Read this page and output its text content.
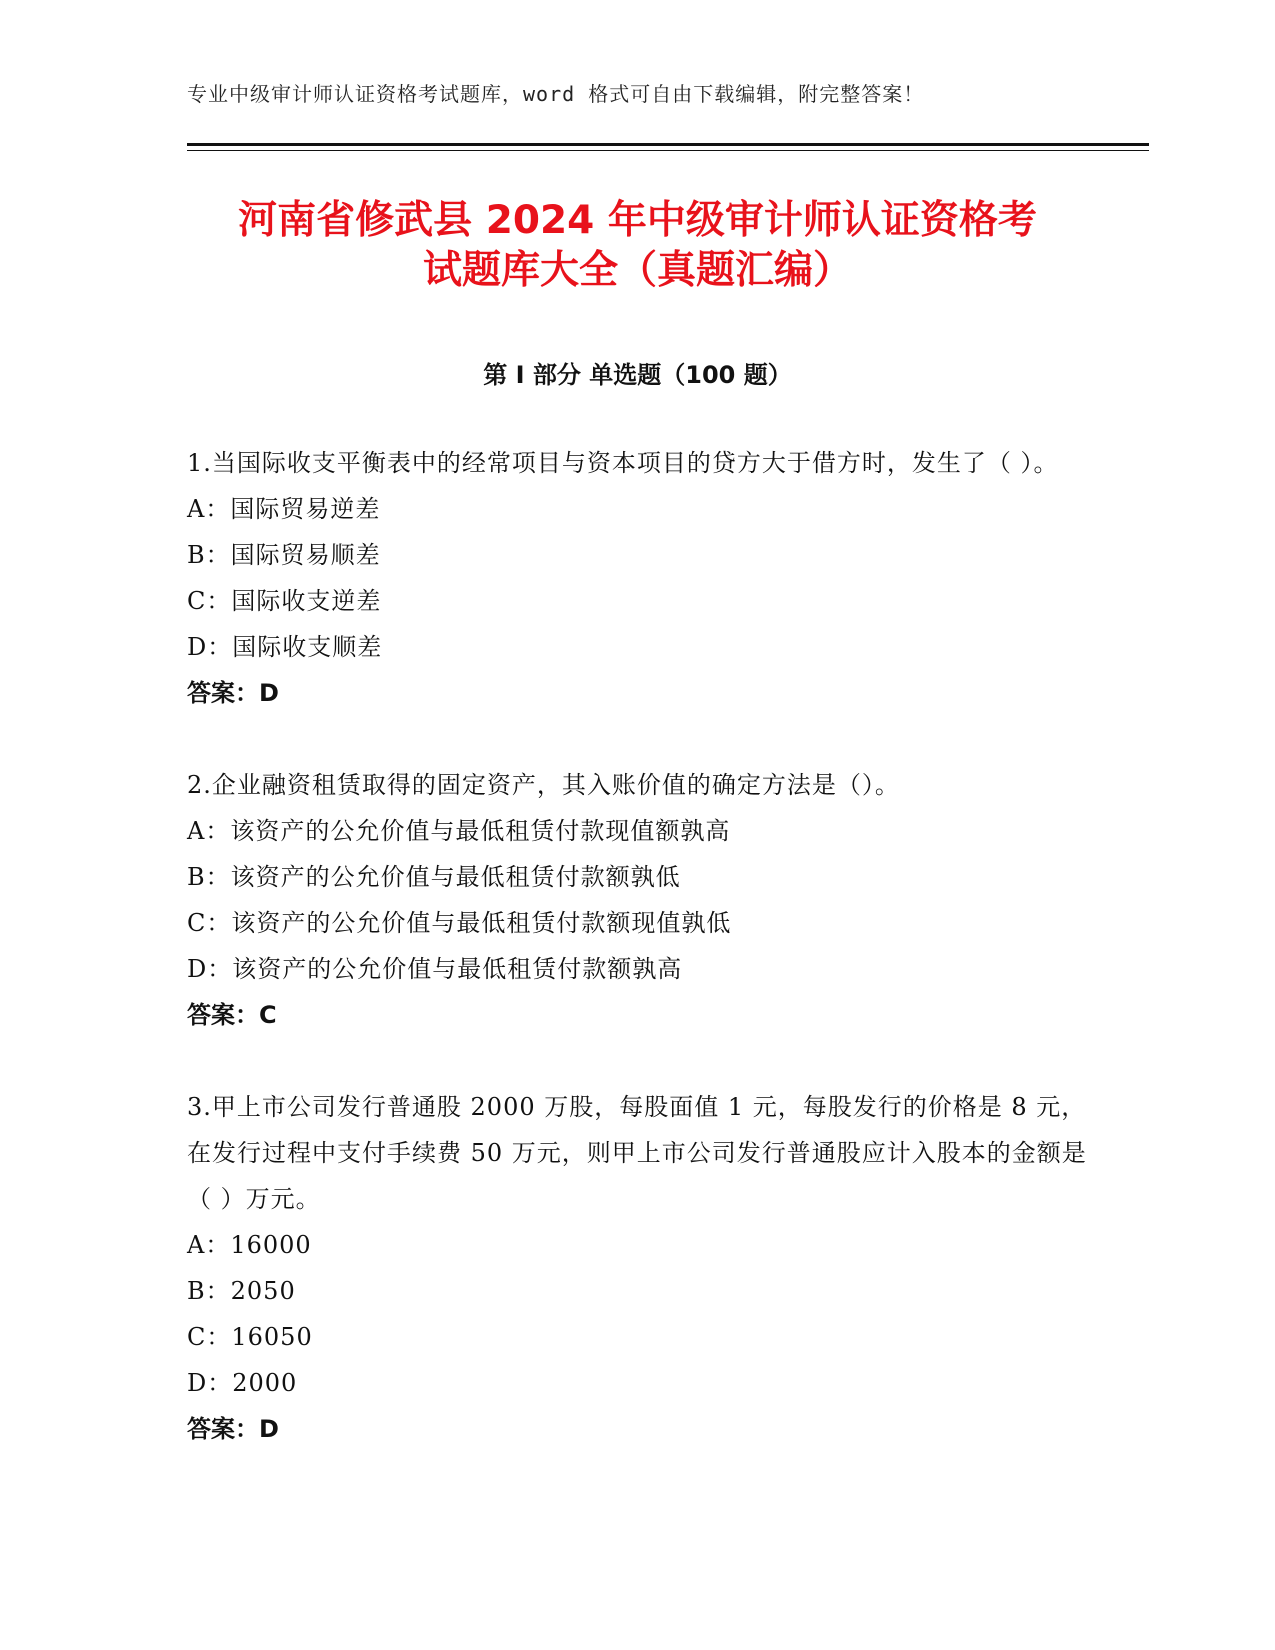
专业中级审计师认证资格考试题库，word 格式可自由下载编辑，附完整答案！
河南省修武县 2024 年中级审计师认证资格考
试题库大全（真题汇编）
第 I 部分 单选题（100 题）

1.当国际收支平衡表中的经常项目与资本项目的贷方大于借方时，发生了（ ）。

A：国际贸易逆差

B：国际贸易顺差

C：国际收支逆差

D：国际收支顺差

答案：D

2.企业融资租赁取得的固定资产，其入账价值的确定方法是（）。

A：该资产的公允价值与最低租赁付款现值额孰高

B：该资产的公允价值与最低租赁付款额孰低

C：该资产的公允价值与最低租赁付款额现值孰低

D：该资产的公允价值与最低租赁付款额孰高

答案：C

3.甲上市公司发行普通股 2000 万股，每股面值 1 元，每股发行的价格是 8 元，在发行过程中支付手续费 50 万元，则甲上市公司发行普通股应计入股本的金额是（ ）万元。

A：16000

B：2050

C：16050

D：2000

答案：D
